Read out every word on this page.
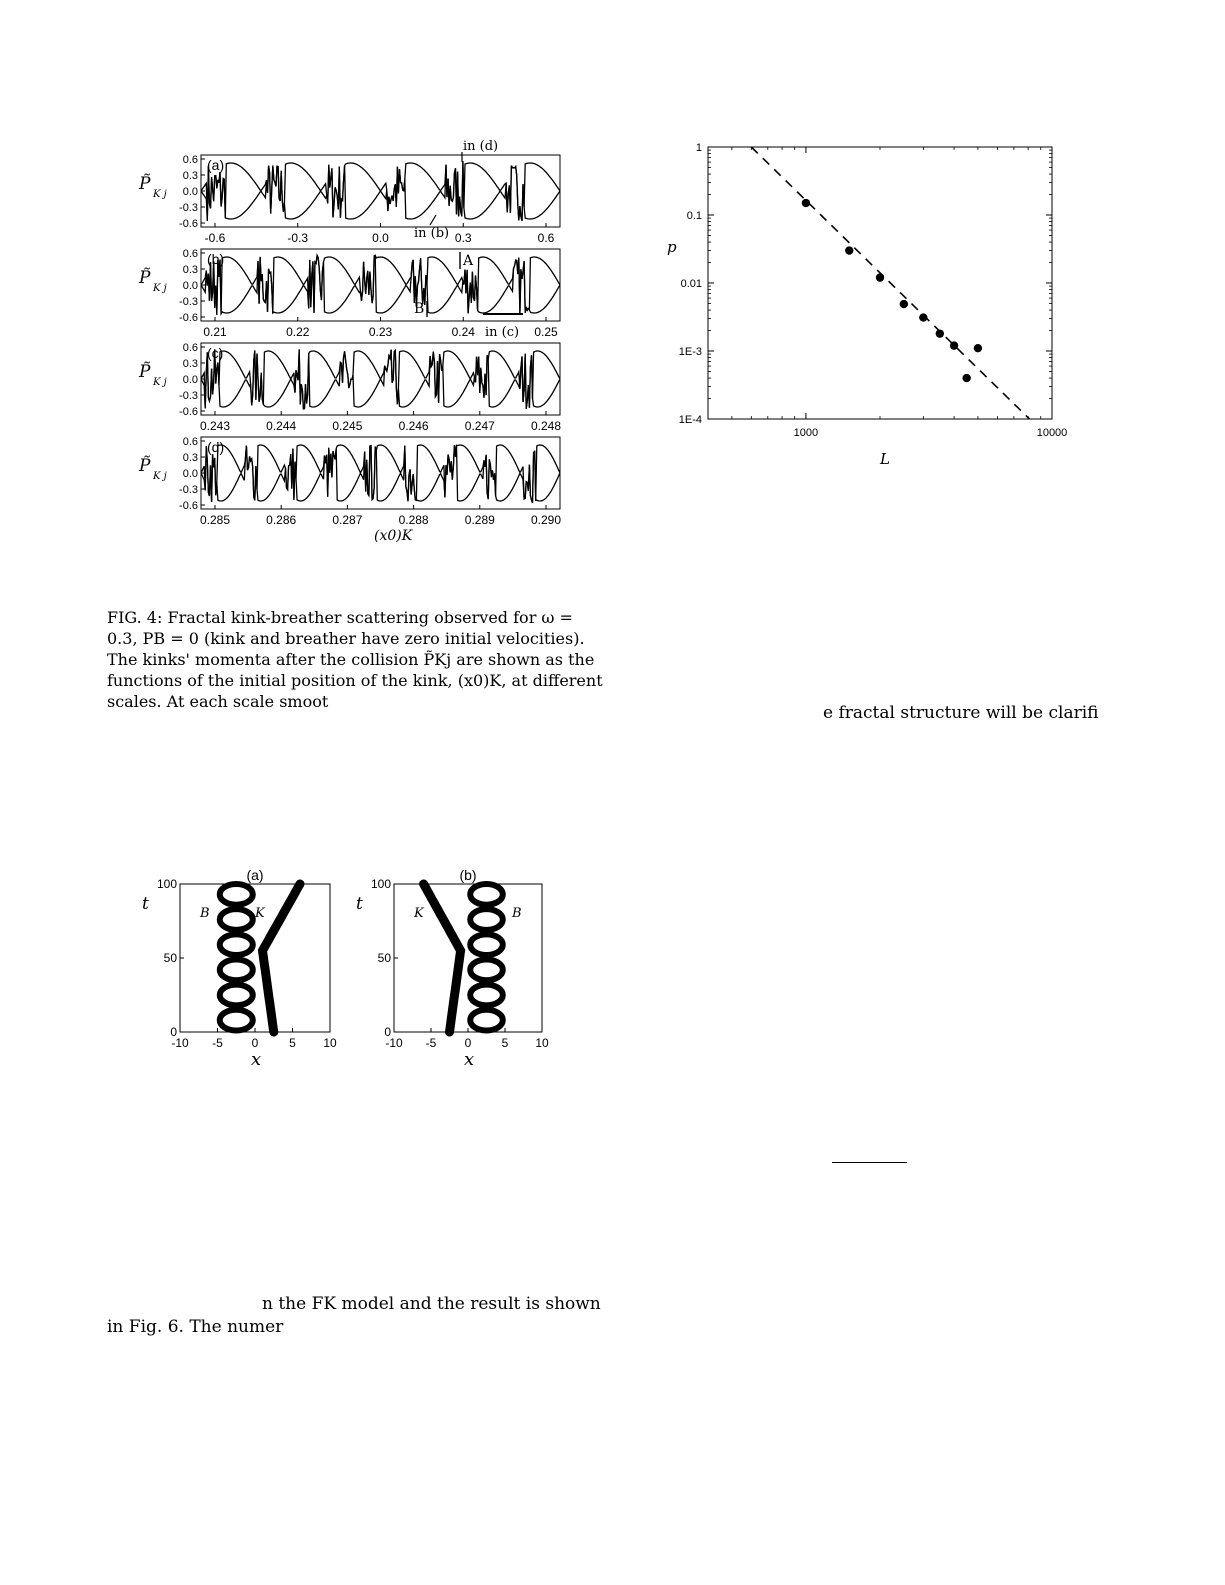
P̃
K j
0.6
0.3
0.0
-0.3
-0.6
(a)
-0.6	-0.3	0.0	0.3	0.6
P̃
K j
0.6
0.3
0.0
-0.3
-0.6
(b)
0.21	0.22	0.23	0.24	0.25
P̃
K j
0.6
0.3
0.0
-0.3
-0.6
(c)
0.243	0.244	0.245	0.246	0.247	0.248
P̃
K j
0.6
0.3
0.0
-0.3
-0.6
(d)
0.285	0.286	0.287	0.288	0.289	0.290
in (d)
in (b)
A
B
in (c)
(x0)K
FIG. 4: Fractal kink-breather scattering observed for ω =
0.3, PB = 0 (kink and breather have zero initial velocities).
The kinks' momenta after the collision P̃Kj are shown as the
functions of the initial position of the kink, (x0)K, at different
scales. At each scale smoot
1
0.1
0.01
1E-3
1E-4
1000	10000
p
L
e fractal structure will be clarifi
(a)
B	K
100
50
0
-10 -5 0	5 10
t
x
(b)
K	B
100
50
0
-10 -5 0	5 10
t
x
n the FK model and the result is shown
in Fig. 6. The numer
